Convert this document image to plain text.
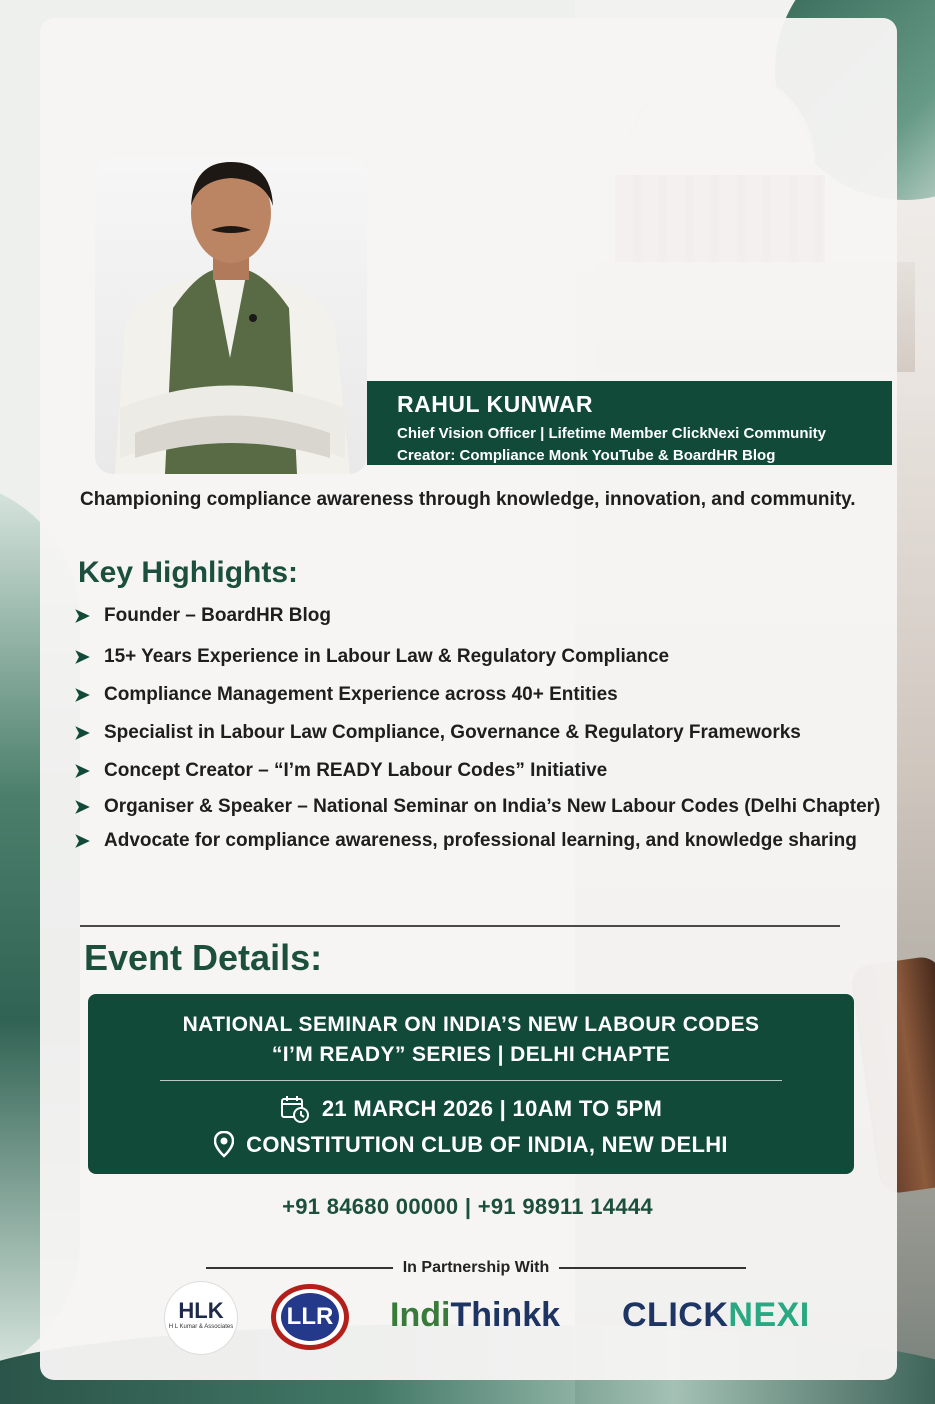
RAHUL KUNWAR
Chief Vision Officer | Lifetime Member ClickNexi Community
Creator: Compliance Monk YouTube & BoardHR Blog
Championing compliance awareness through knowledge, innovation, and community.
Key Highlights:
➤ Founder – BoardHR Blog
➤ 15+ Years Experience in Labour Law & Regulatory Compliance
➤ Compliance Management Experience across 40+ Entities
➤ Specialist in Labour Law Compliance, Governance & Regulatory Frameworks
➤ Concept Creator – “I’m READY Labour Codes” Initiative
➤ Organiser & Speaker – National Seminar on India’s New Labour Codes (Delhi Chapter)
➤ Advocate for compliance awareness, professional learning, and knowledge sharing
Event Details:
NATIONAL SEMINAR ON INDIA’S NEW LABOUR CODES
“I’M READY” SERIES | DELHI CHAPTE
21 MARCH 2026 | 10AM TO 5PM
CONSTITUTION CLUB OF INDIA, NEW DELHI
+91 84680 00000 | +91 98911 14444
In Partnership With
HLK
H L Kumar & Associates LLR IndiThinkk CLICKNEXI
